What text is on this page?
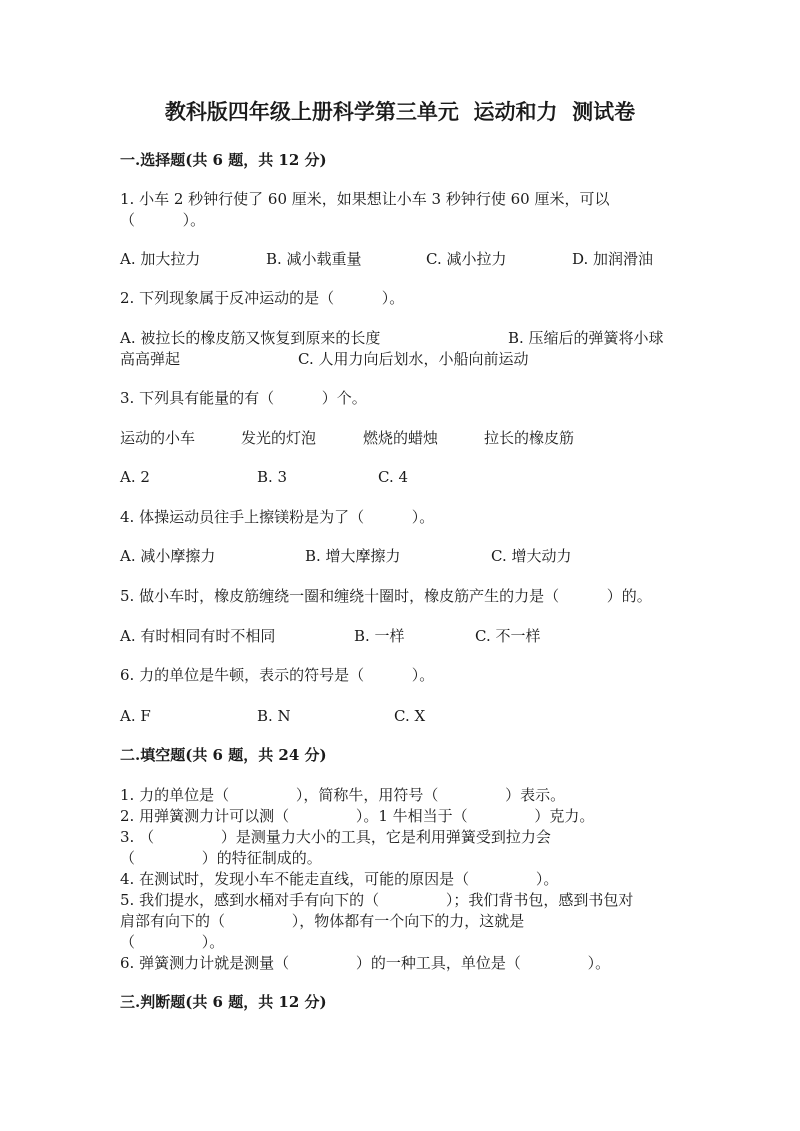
教科版四年级上册科学第三单元  运动和力  测试卷
一.选择题(共 6 题，共 12 分)
1. 小车 2 秒钟行使了 60 厘米，如果想让小车 3 秒钟行使 60 厘米，可以
（          ）。
A. 加大拉力	B. 减小载重量	C. 减小拉力	D. 加润滑油
2. 下列现象属于反冲运动的是（          ）。
A. 被拉长的橡皮筋又恢复到原来的长度	B. 压缩后的弹簧将小球
高高弹起	C. 人用力向后划水，小船向前运动
3. 下列具有能量的有（          ）个。
运动的小车	发光的灯泡	燃烧的蜡烛	拉长的橡皮筋
A. 2	B. 3	C. 4
4. 体操运动员往手上擦镁粉是为了（          ）。
A. 减小摩擦力	B. 增大摩擦力	C. 增大动力
5. 做小车时，橡皮筋缠绕一圈和缠绕十圈时，橡皮筋产生的力是（          ）的。
A. 有时相同有时不相同	B. 一样	C. 不一样
6. 力的单位是牛顿，表示的符号是（          ）。
A. F	B. N	C. X
二.填空题(共 6 题，共 24 分)
1. 力的单位是（              ），简称牛，用符号（              ）表示。
2. 用弹簧测力计可以测（              ）。1 牛相当于（              ）克力。
3. （              ）是测量力大小的工具，它是利用弹簧受到拉力会
（              ）的特征制成的。
4. 在测试时，发现小车不能走直线，可能的原因是（              ）。
5. 我们提水，感到水桶对手有向下的（              ）；我们背书包，感到书包对
肩部有向下的（              ），物体都有一个向下的力，这就是
（              ）。
6. 弹簧测力计就是测量（              ）的一种工具，单位是（              ）。
三.判断题(共 6 题，共 12 分)
